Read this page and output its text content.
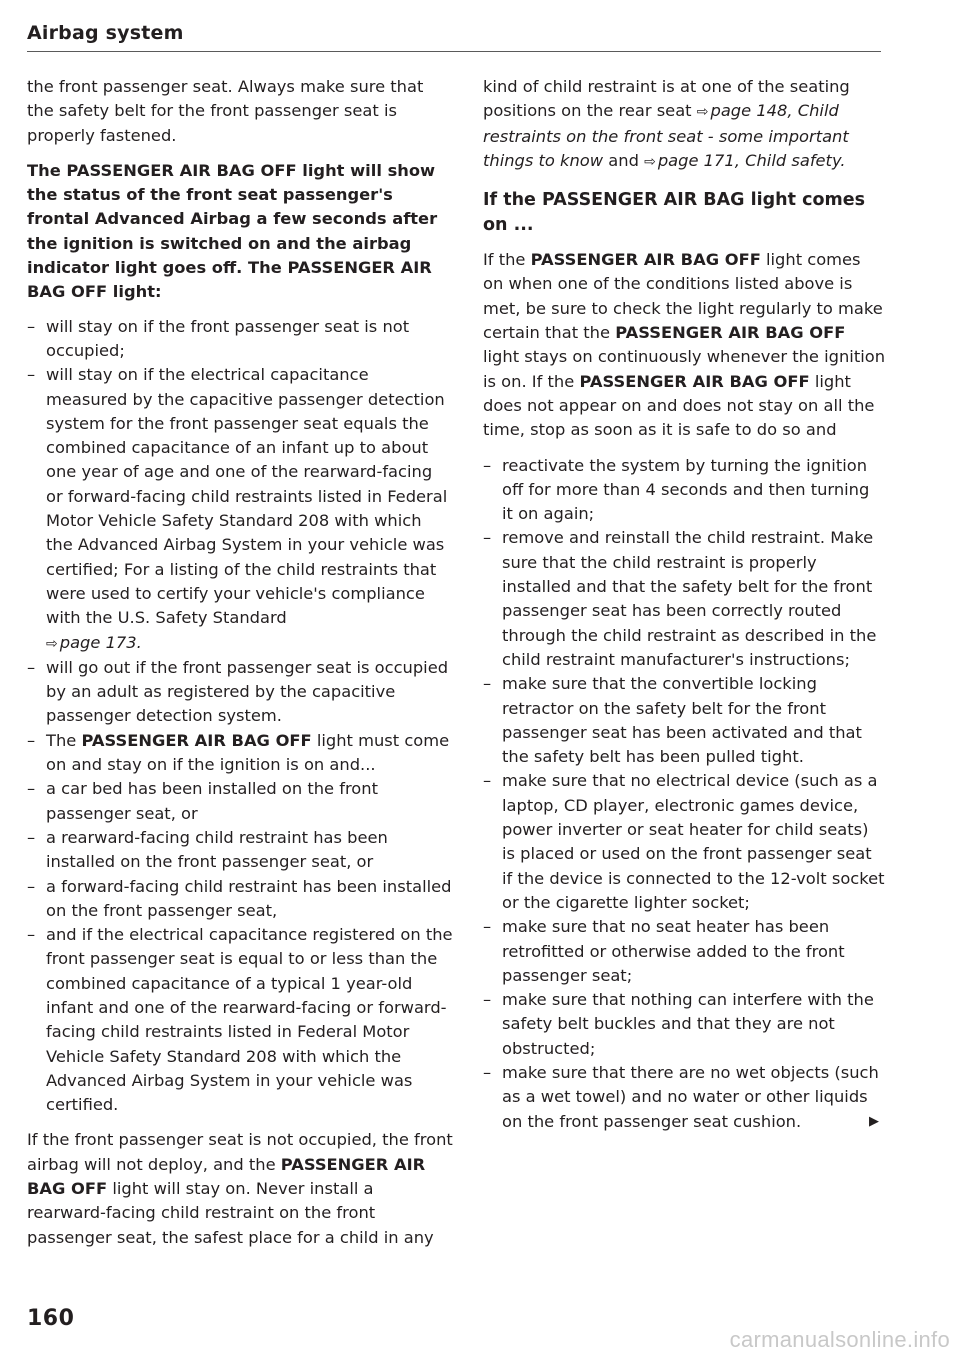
Airbag system

the front passenger seat. Always make sure that the safety belt for the front passenger seat is properly fastened.

The PASSENGER AIR BAG OFF light will show the status of the front seat passenger's frontal Advanced Airbag a few seconds after the ignition is switched on and the airbag indicator light goes off. The PASSENGER AIR BAG OFF light:

– will stay on if the front passenger seat is not occupied;
– will stay on if the electrical capacitance measured by the capacitive passenger detection system for the front passenger seat equals the combined capacitance of an infant up to about one year of age and one of the rearward-facing or forward-facing child restraints listed in Federal Motor Vehicle Safety Standard 208 with which the Advanced Airbag System in your vehicle was certified; For a listing of the child restraints that were used to certify your vehicle's compliance with the U.S. Safety Standard
⇨ page 173.
– will go out if the front passenger seat is occupied by an adult as registered by the capacitive passenger detection system.
– The PASSENGER AIR BAG OFF light must come on and stay on if the ignition is on and...
– a car bed has been installed on the front passenger seat, or
– a rearward-facing child restraint has been installed on the front passenger seat, or
– a forward-facing child restraint has been installed on the front passenger seat,
– and if the electrical capacitance registered on the front passenger seat is equal to or less than the combined capacitance of a typical 1 year-old infant and one of the rearward-facing or forward-facing child restraints listed in Federal Motor Vehicle Safety Standard 208 with which the Advanced Airbag System in your vehicle was certified.

If the front passenger seat is not occupied, the front airbag will not deploy, and the PASSENGER AIR BAG OFF light will stay on. Never install a rearward-facing child restraint on the front passenger seat, the safest place for a child in any

kind of child restraint is at one of the seating positions on the rear seat ⇨ page 148, Child restraints on the front seat - some important things to know and ⇨ page 171, Child safety.

If the PASSENGER AIR BAG light comes on ...

If the PASSENGER AIR BAG OFF light comes on when one of the conditions listed above is met, be sure to check the light regularly to make certain that the PASSENGER AIR BAG OFF light stays on continuously whenever the ignition is on. If the PASSENGER AIR BAG OFF light does not appear on and does not stay on all the time, stop as soon as it is safe to do so and

– reactivate the system by turning the ignition off for more than 4 seconds and then turning it on again;
– remove and reinstall the child restraint. Make sure that the child restraint is properly installed and that the safety belt for the front passenger seat has been correctly routed through the child restraint as described in the child restraint manufacturer's instructions;
– make sure that the convertible locking retractor on the safety belt for the front passenger seat has been activated and that the safety belt has been pulled tight.
– make sure that no electrical device (such as a laptop, CD player, electronic games device, power inverter or seat heater for child seats) is placed or used on the front passenger seat if the device is connected to the 12-volt socket or the cigarette lighter socket;
– make sure that no seat heater has been retrofitted or otherwise added to the front passenger seat;
– make sure that nothing can interfere with the safety belt buckles and that they are not obstructed;
– make sure that there are no wet objects (such as a wet towel) and no water or other liquids on the front passenger seat cushion.	▶
160
carmanualsonline.info
